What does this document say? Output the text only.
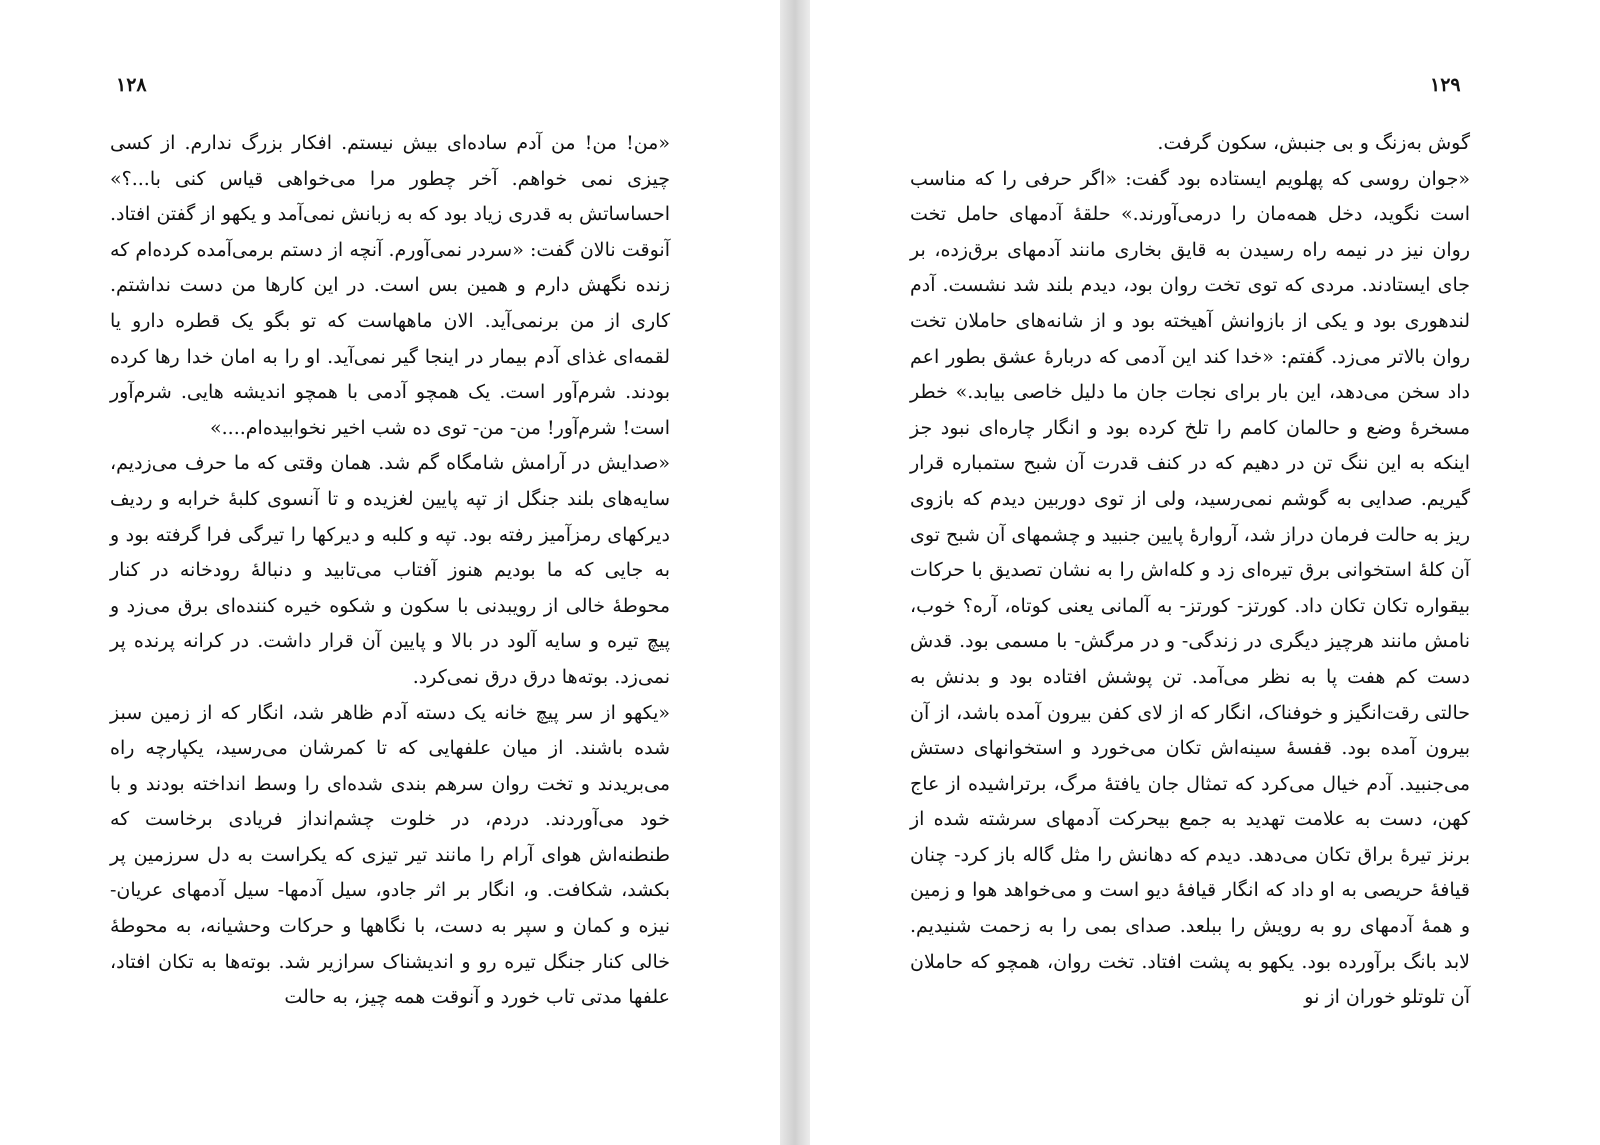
۱۲۸

«من! من! من آدم ساده‌ای بیش نیستم. افکار بزرگ ندارم. از کسی چیزی نمی خواهم. آخر چطور مرا می‌خواهی قیاس کنی با...؟» احساساتش به قدری زیاد بود که به زبانش نمی‌آمد و یکهو از گفتن افتاد. آنوقت نالان گفت: «سردر نمی‌آورم. آنچه از دستم برمی‌آمده کرده‌ام که زنده نگهش دارم و همین بس است. در این کارها من دست نداشتم. کاری از من برنمی‌آید. الان ماههاست که تو بگو یک قطره دارو یا لقمه‌ای غذای آدم بیمار در اینجا گیر نمی‌آید. او را به امان خدا رها کرده بودند. شرم‌آور است. یک همچو آدمی با همچو اندیشه هایی. شرم‌آور است! شرم‌آور! من- من- توی ده شب اخیر نخوابیده‌ام....»

«صدایش در آرامش شامگاه گم شد. همان وقتی که ما حرف می‌زدیم، سایه‌های بلند جنگل از تپه پایین لغزیده و تا آنسوی کلبهٔ خرابه و ردیف دیرکهای رمزآمیز رفته بود. تپه و کلبه و دیرکها را تیرگی فرا گرفته بود و به جایی که ما بودیم هنوز آفتاب می‌تابید و دنبالهٔ رودخانه در کنار محوطهٔ خالی از رویبدنی با سکون و شکوه خیره کننده‌ای برق می‌زد و پیچ تیره و سایه آلود در بالا و پایین آن قرار داشت. در کرانه پرنده پر نمی‌زد. بوته‌ها درق درق نمی‌کرد.

«یکهو از سر پیچ خانه یک دسته آدم ظاهر شد، انگار که از زمین سبز شده باشند. از میان علفهایی که تا کمرشان می‌رسید، یکپارچه راه می‌بریدند و تخت روان سرهم بندی شده‌ای را وسط انداخته بودند و با خود می‌آوردند. دردم، در خلوت چشم‌انداز فریادی برخاست که طنطنه‌اش هوای آرام را مانند تیر تیزی که یکراست به دل سرزمین پر بکشد، شکافت. و، انگار بر اثر جادو، سیل آدمها- سیل آدمهای عریان- نیزه و کمان و سپر به دست، با نگاهها و حرکات وحشیانه، به محوطهٔ خالی کنار جنگل تیره رو و اندیشناک سرازیر شد. بوته‌ها به تکان افتاد، علفها مدتی تاب خورد و آنوقت همه چیز، به حالت

۱۲۹

گوش به‌زنگ و بی جنبش، سکون گرفت.

«جوان روسی که پهلویم ایستاده بود گفت: «اگر حرفی را که مناسب است نگوید، دخل همه‌مان را درمی‌آورند.» حلقهٔ آدمهای حامل تخت روان نیز در نیمه راه رسیدن به قایق بخاری مانند آدمهای برق‌زده، بر جای ایستادند. مردی که توی تخت روان بود، دیدم بلند شد نشست. آدم لندهوری بود و یکی از بازوانش آهیخته بود و از شانه‌های حاملان تخت روان بالاتر می‌زد. گفتم: «خدا کند این آدمی که دربارهٔ عشق بطور اعم داد سخن می‌دهد، این بار برای نجات جان ما دلیل خاصی بیابد.» خطر مسخرهٔ وضع و حالمان کامم را تلخ کرده بود و انگار چاره‌ای نبود جز اینکه به این ننگ تن در دهیم که در کنف قدرت آن شبح ستمباره قرار گیریم. صدایی به گوشم نمی‌رسید، ولی از توی دوربین دیدم که بازوی ریز به حالت فرمان دراز شد، آروارهٔ پایین جنبید و چشمهای آن شبح توی آن کلهٔ استخوانی برق تیره‌ای زد و کله‌اش را به نشان تصدیق با حرکات بیقواره تکان تکان داد. کورتز- کورتز- به آلمانی یعنی کوتاه، آره؟ خوب، نامش مانند هرچیز دیگری در زندگی- و در مرگش- با مسمی بود. قدش دست کم هفت پا به نظر می‌آمد. تن پوشش افتاده بود و بدنش به حالتی رقت‌انگیز و خوفناک، انگار که از لای کفن بیرون آمده باشد، از آن بیرون آمده بود. قفسهٔ سینه‌اش تکان می‌خورد و استخوانهای دستش می‌جنبید. آدم خیال می‌کرد که تمثال جان یافتهٔ مرگ، برتراشیده از عاج کهن، دست به علامت تهدید به جمع بیحرکت آدمهای سرشته شده از برنز تیرهٔ براق تکان می‌دهد. دیدم که دهانش را مثل گاله باز کرد- چنان قیافهٔ حریصی به او داد که انگار قیافهٔ دیو است و می‌خواهد هوا و زمین و همهٔ آدمهای رو به رویش را ببلعد. صدای بمی را به زحمت شنیدیم. لابد بانگ برآورده بود. یکهو به پشت افتاد. تخت روان، همچو که حاملان آن تلوتلو خوران از نو
